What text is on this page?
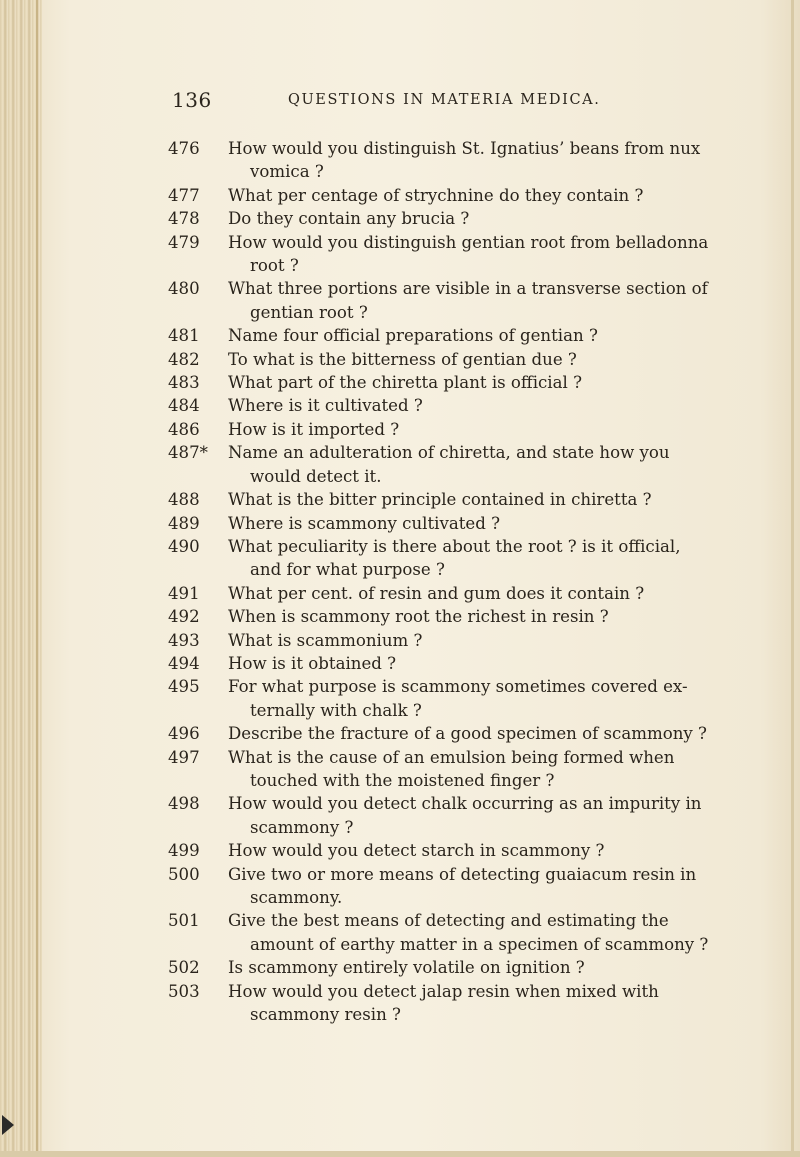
136	QUESTIONS IN MATERIA MEDICA.

476	How would you distinguish St. Ignatius’ beans from nux
vomica ?

477	What per centage of strychnine do they contain ?

478	Do they contain any brucia ?

479	How would you distinguish gentian root from belladonna
root ?

480	What three portions are visible in a transverse section of
gentian root ?

481	Name four official preparations of gentian ?

482	To what is the bitterness of gentian due ?

483	What part of the chiretta plant is official ?

484	Where is it cultivated ?

486	How is it imported ?

487*	Name an adulteration of chiretta, and state how you
would detect it.

488	What is the bitter principle contained in chiretta ?

489	Where is scammony cultivated ?

490	What peculiarity is there about the root ? is it official,
and for what purpose ?

491	What per cent. of resin and gum does it contain ?

492	When is scammony root the richest in resin ?

493	What is scammonium ?

494	How is it obtained ?

495	For what purpose is scammony sometimes covered ex-
ternally with chalk ?

496	Describe the fracture of a good specimen of scammony ?

497	What is the cause of an emulsion being formed when
touched with the moistened finger ?

498	How would you detect chalk occurring as an impurity in
scammony ?

499	How would you detect starch in scammony ?

500	Give two or more means of detecting guaiacum resin in
scammony.

501	Give the best means of detecting and estimating the
amount of earthy matter in a specimen of scammony ?

502	Is scammony entirely volatile on ignition ?

503	How would you detect jalap resin when mixed with
scammony resin ?
